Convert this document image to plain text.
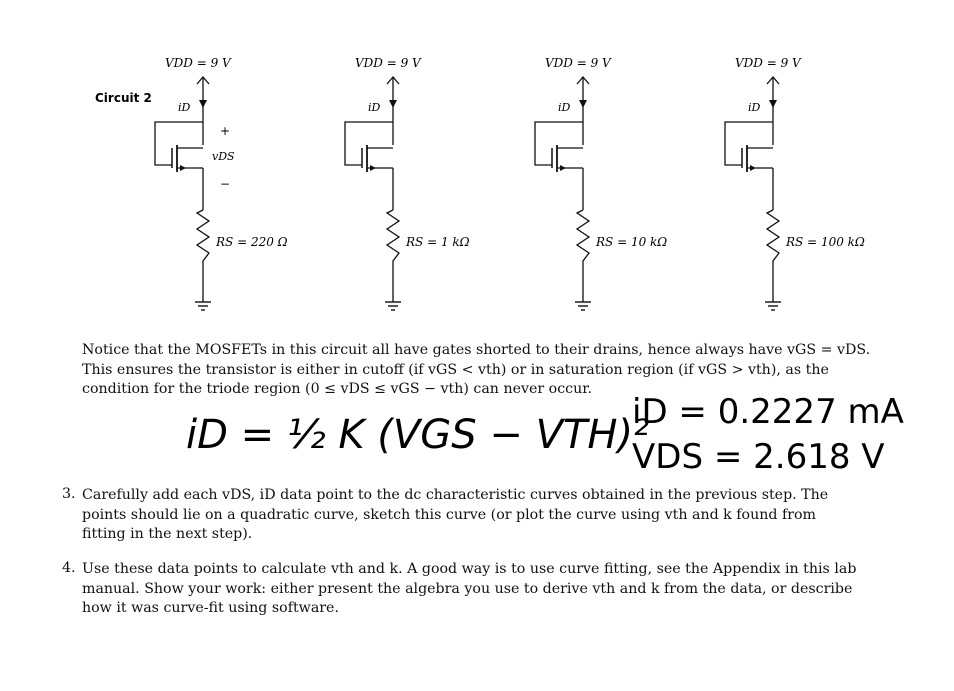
Circuit 2
VDD = 9 V
iD
RS = 220 Ω
+
vDS
−
VDD = 9 V
iD
RS = 1 kΩ
VDD = 9 V
iD
RS = 10 kΩ
VDD = 9 V
iD
RS = 100 kΩ
Notice that the MOSFETs in this circuit all have gates shorted to their drains, hence always have vGS = vDS.
This ensures the transistor is either in cutoff (if vGS < vth) or in saturation region (if vGS > vth), as the
condition for the triode region (0 ≤ vDS ≤ vGS − vth) can never occur.
iD = ½ K (VGS − VTH)²
iD = 0.2227 mA
VDS = 2.618 V
3. Carefully add each vDS, iD data point to the dc characteristic curves obtained in the previous step. The
points should lie on a quadratic curve, sketch this curve (or plot the curve using vth and k found from
fitting in the next step).
4. Use these data points to calculate vth and k. A good way is to use curve fitting, see the Appendix in this lab
manual. Show your work: either present the algebra you use to derive vth and k from the data, or describe
how it was curve-fit using software.
